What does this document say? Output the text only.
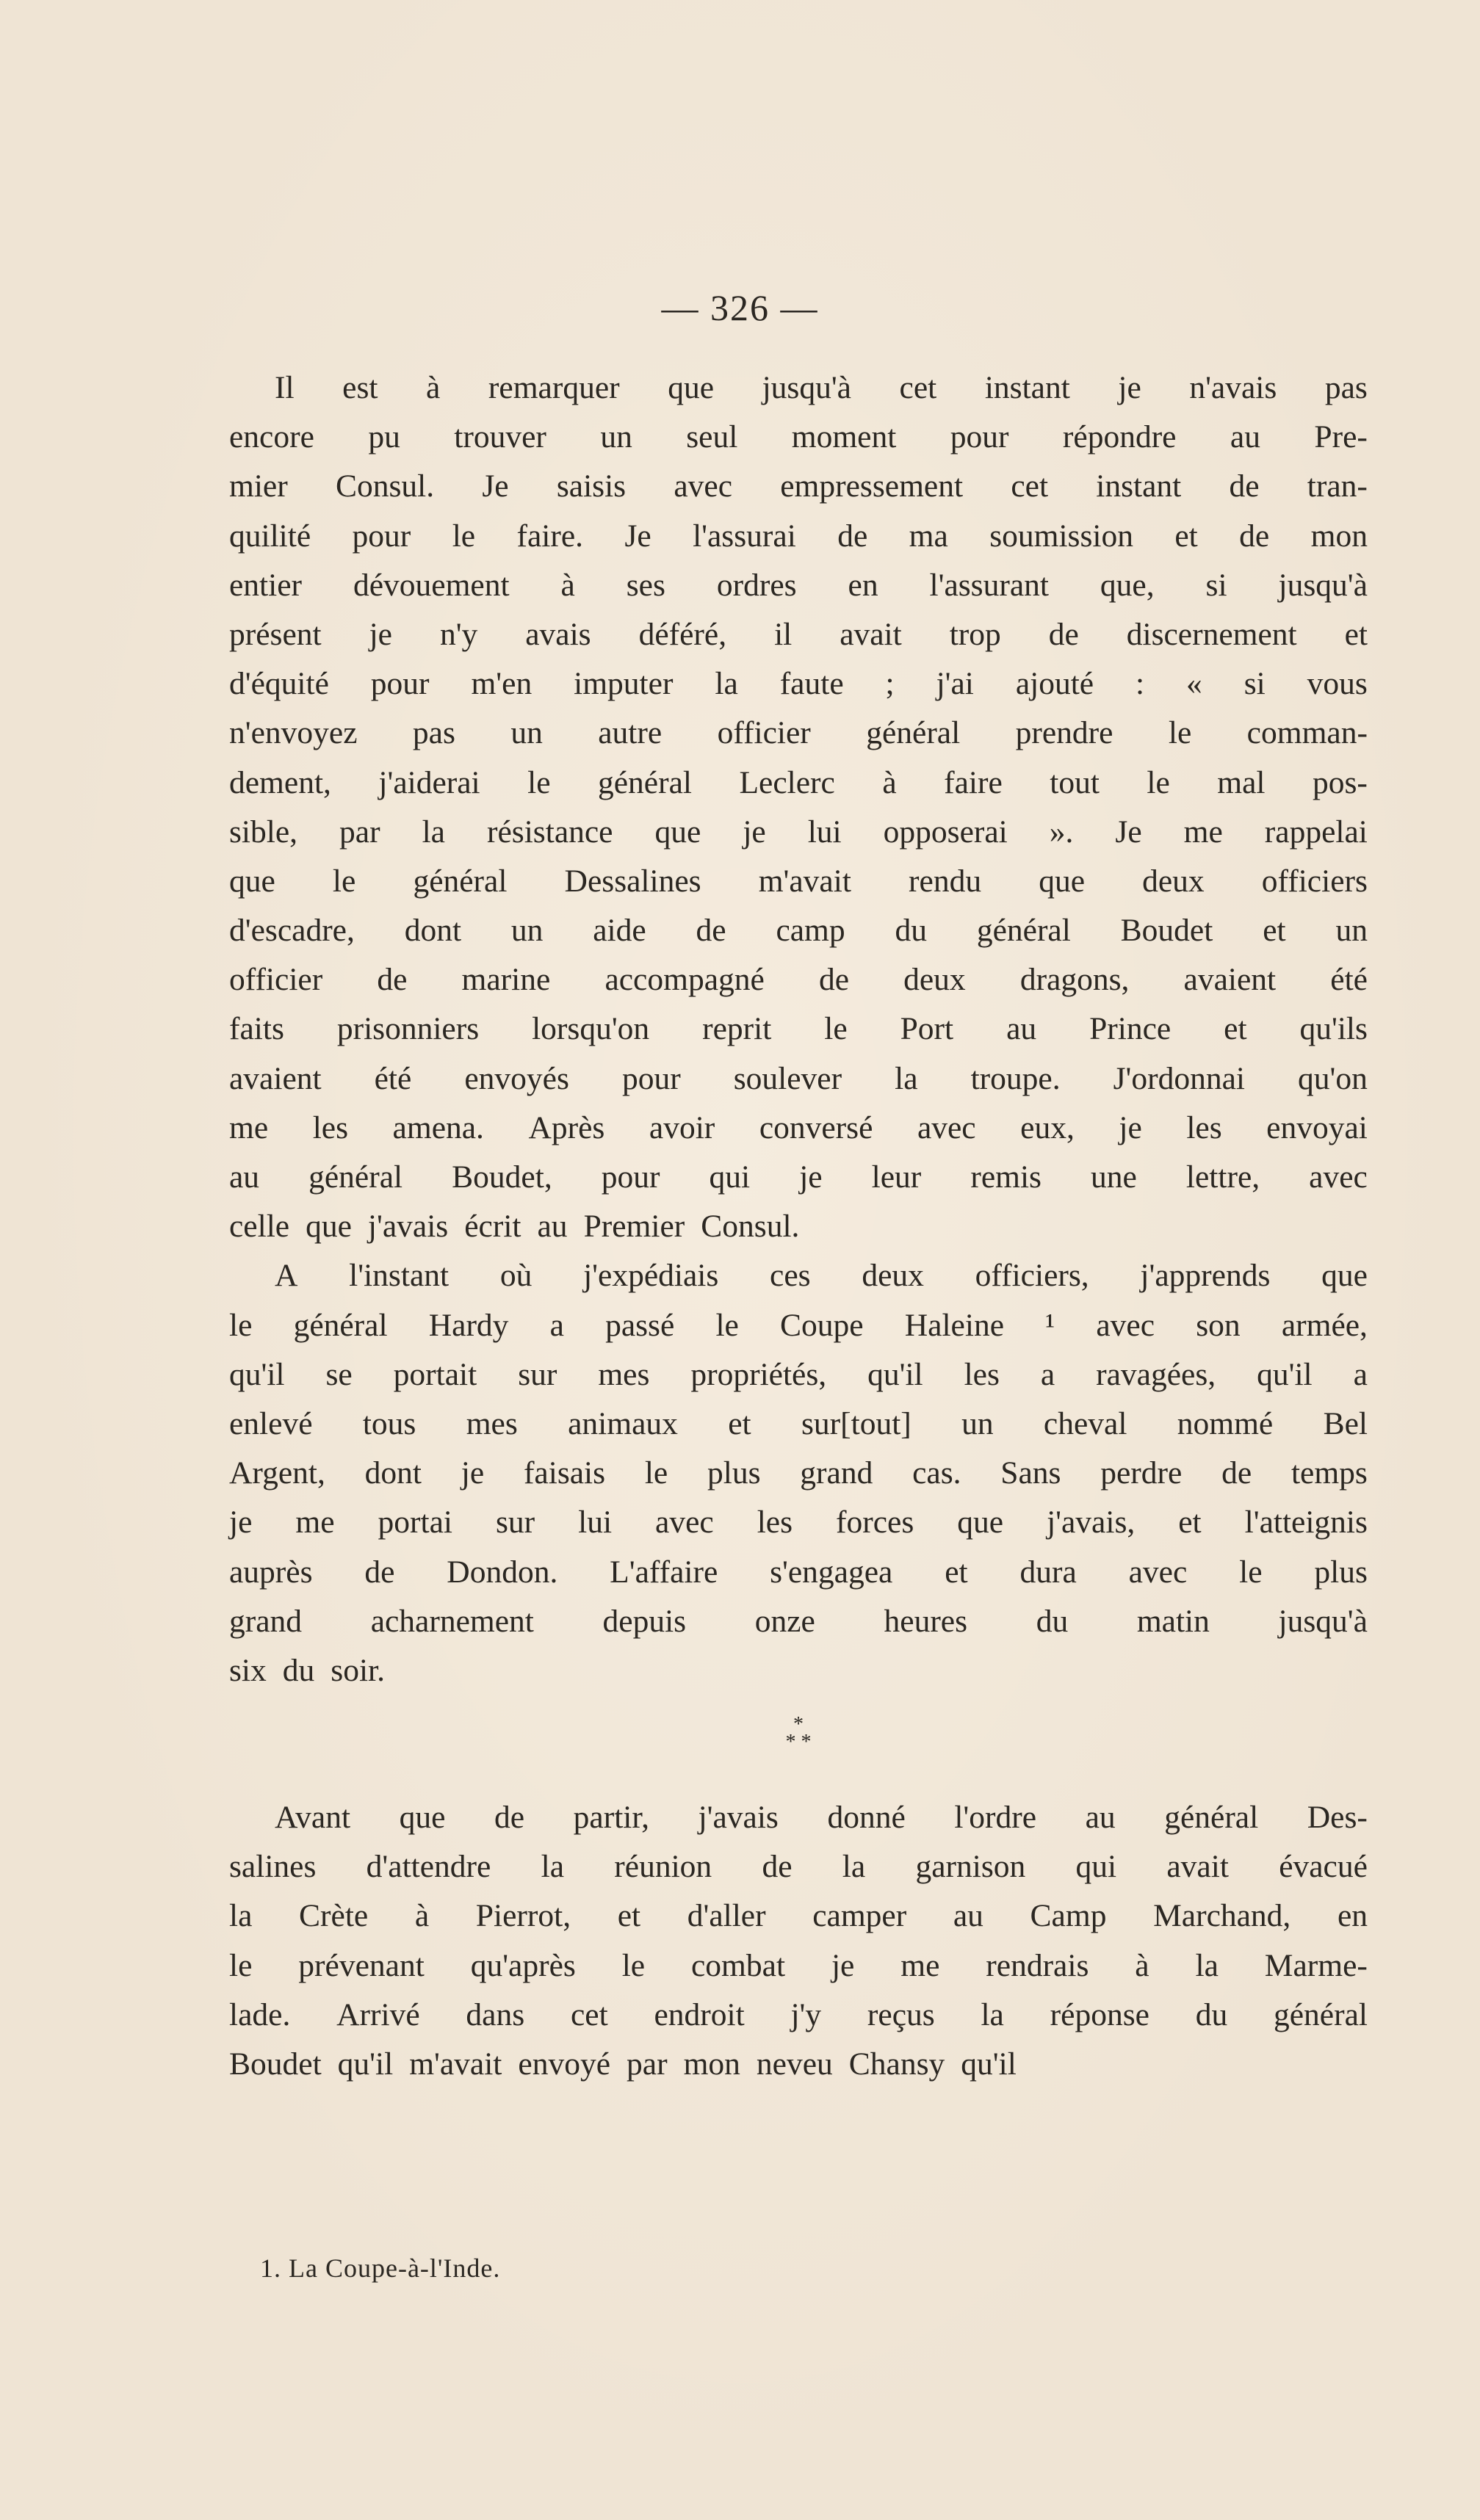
— 326 —
Il est à remarquer que jusqu'à cet instant je n'avais pas
encore pu trouver un seul moment pour répondre au Pre-
mier Consul. Je saisis avec empressement cet instant de tran-
quilité pour le faire. Je l'assurai de ma soumission et de mon
entier dévouement à ses ordres en l'assurant que, si jusqu'à
présent je n'y avais déféré, il avait trop de discernement et
d'équité pour m'en imputer la faute ; j'ai ajouté : « si vous
n'envoyez pas un autre officier général prendre le comman-
dement, j'aiderai le général Leclerc à faire tout le mal pos-
sible, par la résistance que je lui opposerai ». Je me rappelai
que le général Dessalines m'avait rendu que deux officiers
d'escadre, dont un aide de camp du général Boudet et un
officier de marine accompagné de deux dragons, avaient été
faits prisonniers lorsqu'on reprit le Port au Prince et qu'ils
avaient été envoyés pour soulever la troupe. J'ordonnai qu'on
me les amena. Après avoir conversé avec eux, je les envoyai
au général Boudet, pour qui je leur remis une lettre, avec
celle que j'avais écrit au Premier Consul.
A l'instant où j'expédiais ces deux officiers, j'apprends que
le général Hardy a passé le Coupe Haleine ¹ avec son armée,
qu'il se portait sur mes propriétés, qu'il les a ravagées, qu'il a
enlevé tous mes animaux et sur[tout] un cheval nommé Bel
Argent, dont je faisais le plus grand cas. Sans perdre de temps
je me portai sur lui avec les forces que j'avais, et l'atteignis
auprès de Dondon. L'affaire s'engagea et dura avec le plus
grand acharnement depuis onze heures du matin jusqu'à
six du soir.
*
* *
Avant que de partir, j'avais donné l'ordre au général Des-
salines d'attendre la réunion de la garnison qui avait évacué
la Crète à Pierrot, et d'aller camper au Camp Marchand, en
le prévenant qu'après le combat je me rendrais à la Marme-
lade. Arrivé dans cet endroit j'y reçus la réponse du général
Boudet qu'il m'avait envoyé par mon neveu Chansy qu'il
1. La Coupe-à-l'Inde.
